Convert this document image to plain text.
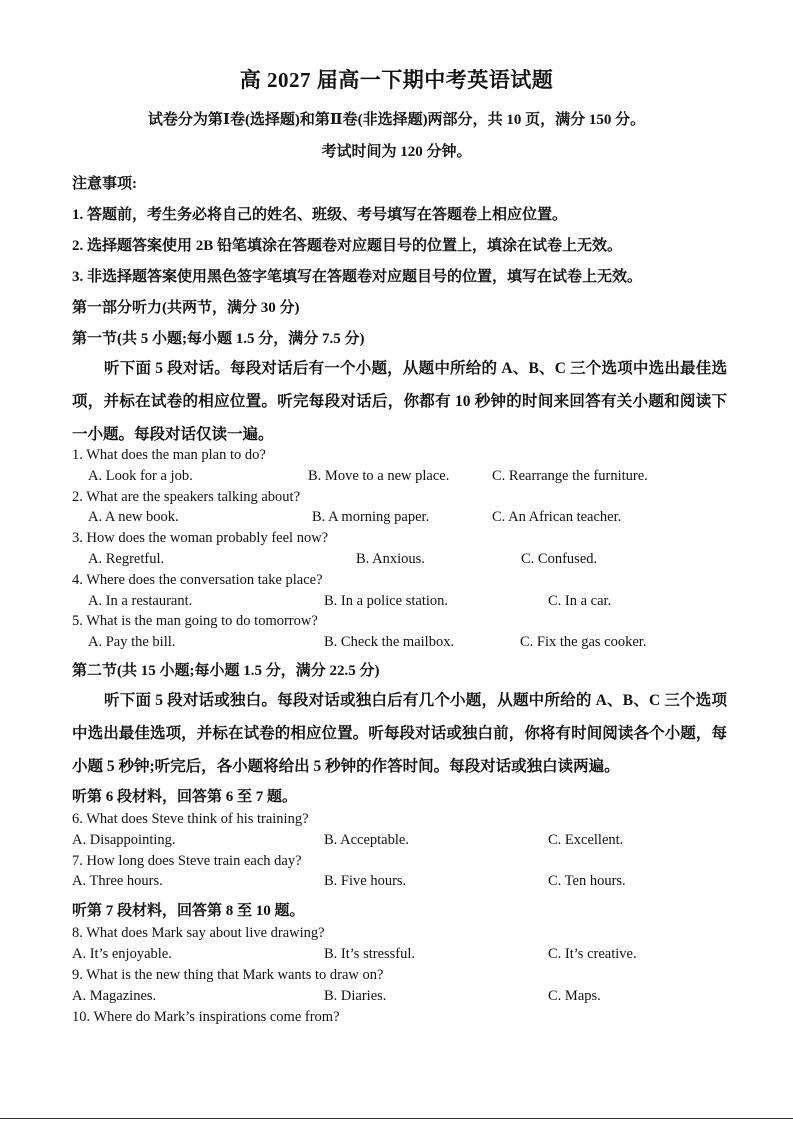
高 2027 届高一下期中考英语试题
试卷分为第Ⅰ卷(选择题)和第Ⅱ卷(非选择题)两部分，共 10 页，满分 150 分。
考试时间为 120 分钟。
注意事项:
1. 答题前，考生务必将自己的姓名、班级、考号填写在答题卷上相应位置。
2. 选择题答案使用 2B 铅笔填涂在答题卷对应题目号的位置上，填涂在试卷上无效。
3. 非选择题答案使用黑色签字笔填写在答题卷对应题目号的位置，填写在试卷上无效。
第一部分听力(共两节，满分 30 分)
第一节(共 5 小题;每小题 1.5 分，满分 7.5 分)
听下面 5 段对话。每段对话后有一个小题，从题中所给的 A、B、C 三个选项中选出最佳选项，并标在试卷的相应位置。听完每段对话后，你都有 10 秒钟的时间来回答有关小题和阅读下一小题。每段对话仅读一遍。
1. What does the man plan to do?
A. Look for a job.	B. Move to a new place.	C. Rearrange the furniture.
2. What are the speakers talking about?
A. A new book.	B. A morning paper.	C. An African teacher.
3. How does the woman probably feel now?
A. Regretful.	B. Anxious.	C. Confused.
4. Where does the conversation take place?
A. In a restaurant.	B. In a police station.	C. In a car.
5. What is the man going to do tomorrow?
A. Pay the bill.	B. Check the mailbox.	C. Fix the gas cooker.
第二节(共 15 小题;每小题 1.5 分，满分 22.5 分)
听下面 5 段对话或独白。每段对话或独白后有几个小题，从题中所给的 A、B、C 三个选项中选出最佳选项，并标在试卷的相应位置。听每段对话或独白前，你将有时间阅读各个小题，每小题 5 秒钟;听完后，各小题将给出 5 秒钟的作答时间。每段对话或独白读两遍。
听第 6 段材料，回答第 6 至 7 题。
6. What does Steve think of his training?
A. Disappointing.	B. Acceptable.	C. Excellent.
7. How long does Steve train each day?
A. Three hours.	B. Five hours.	C. Ten hours.
听第 7 段材料，回答第 8 至 10 题。
8. What does Mark say about live drawing?
A. It’s enjoyable.	B. It’s stressful.	C. It’s creative.
9. What is the new thing that Mark wants to draw on?
A. Magazines.	B. Diaries.	C. Maps.
10. Where do Mark’s inspirations come from?
